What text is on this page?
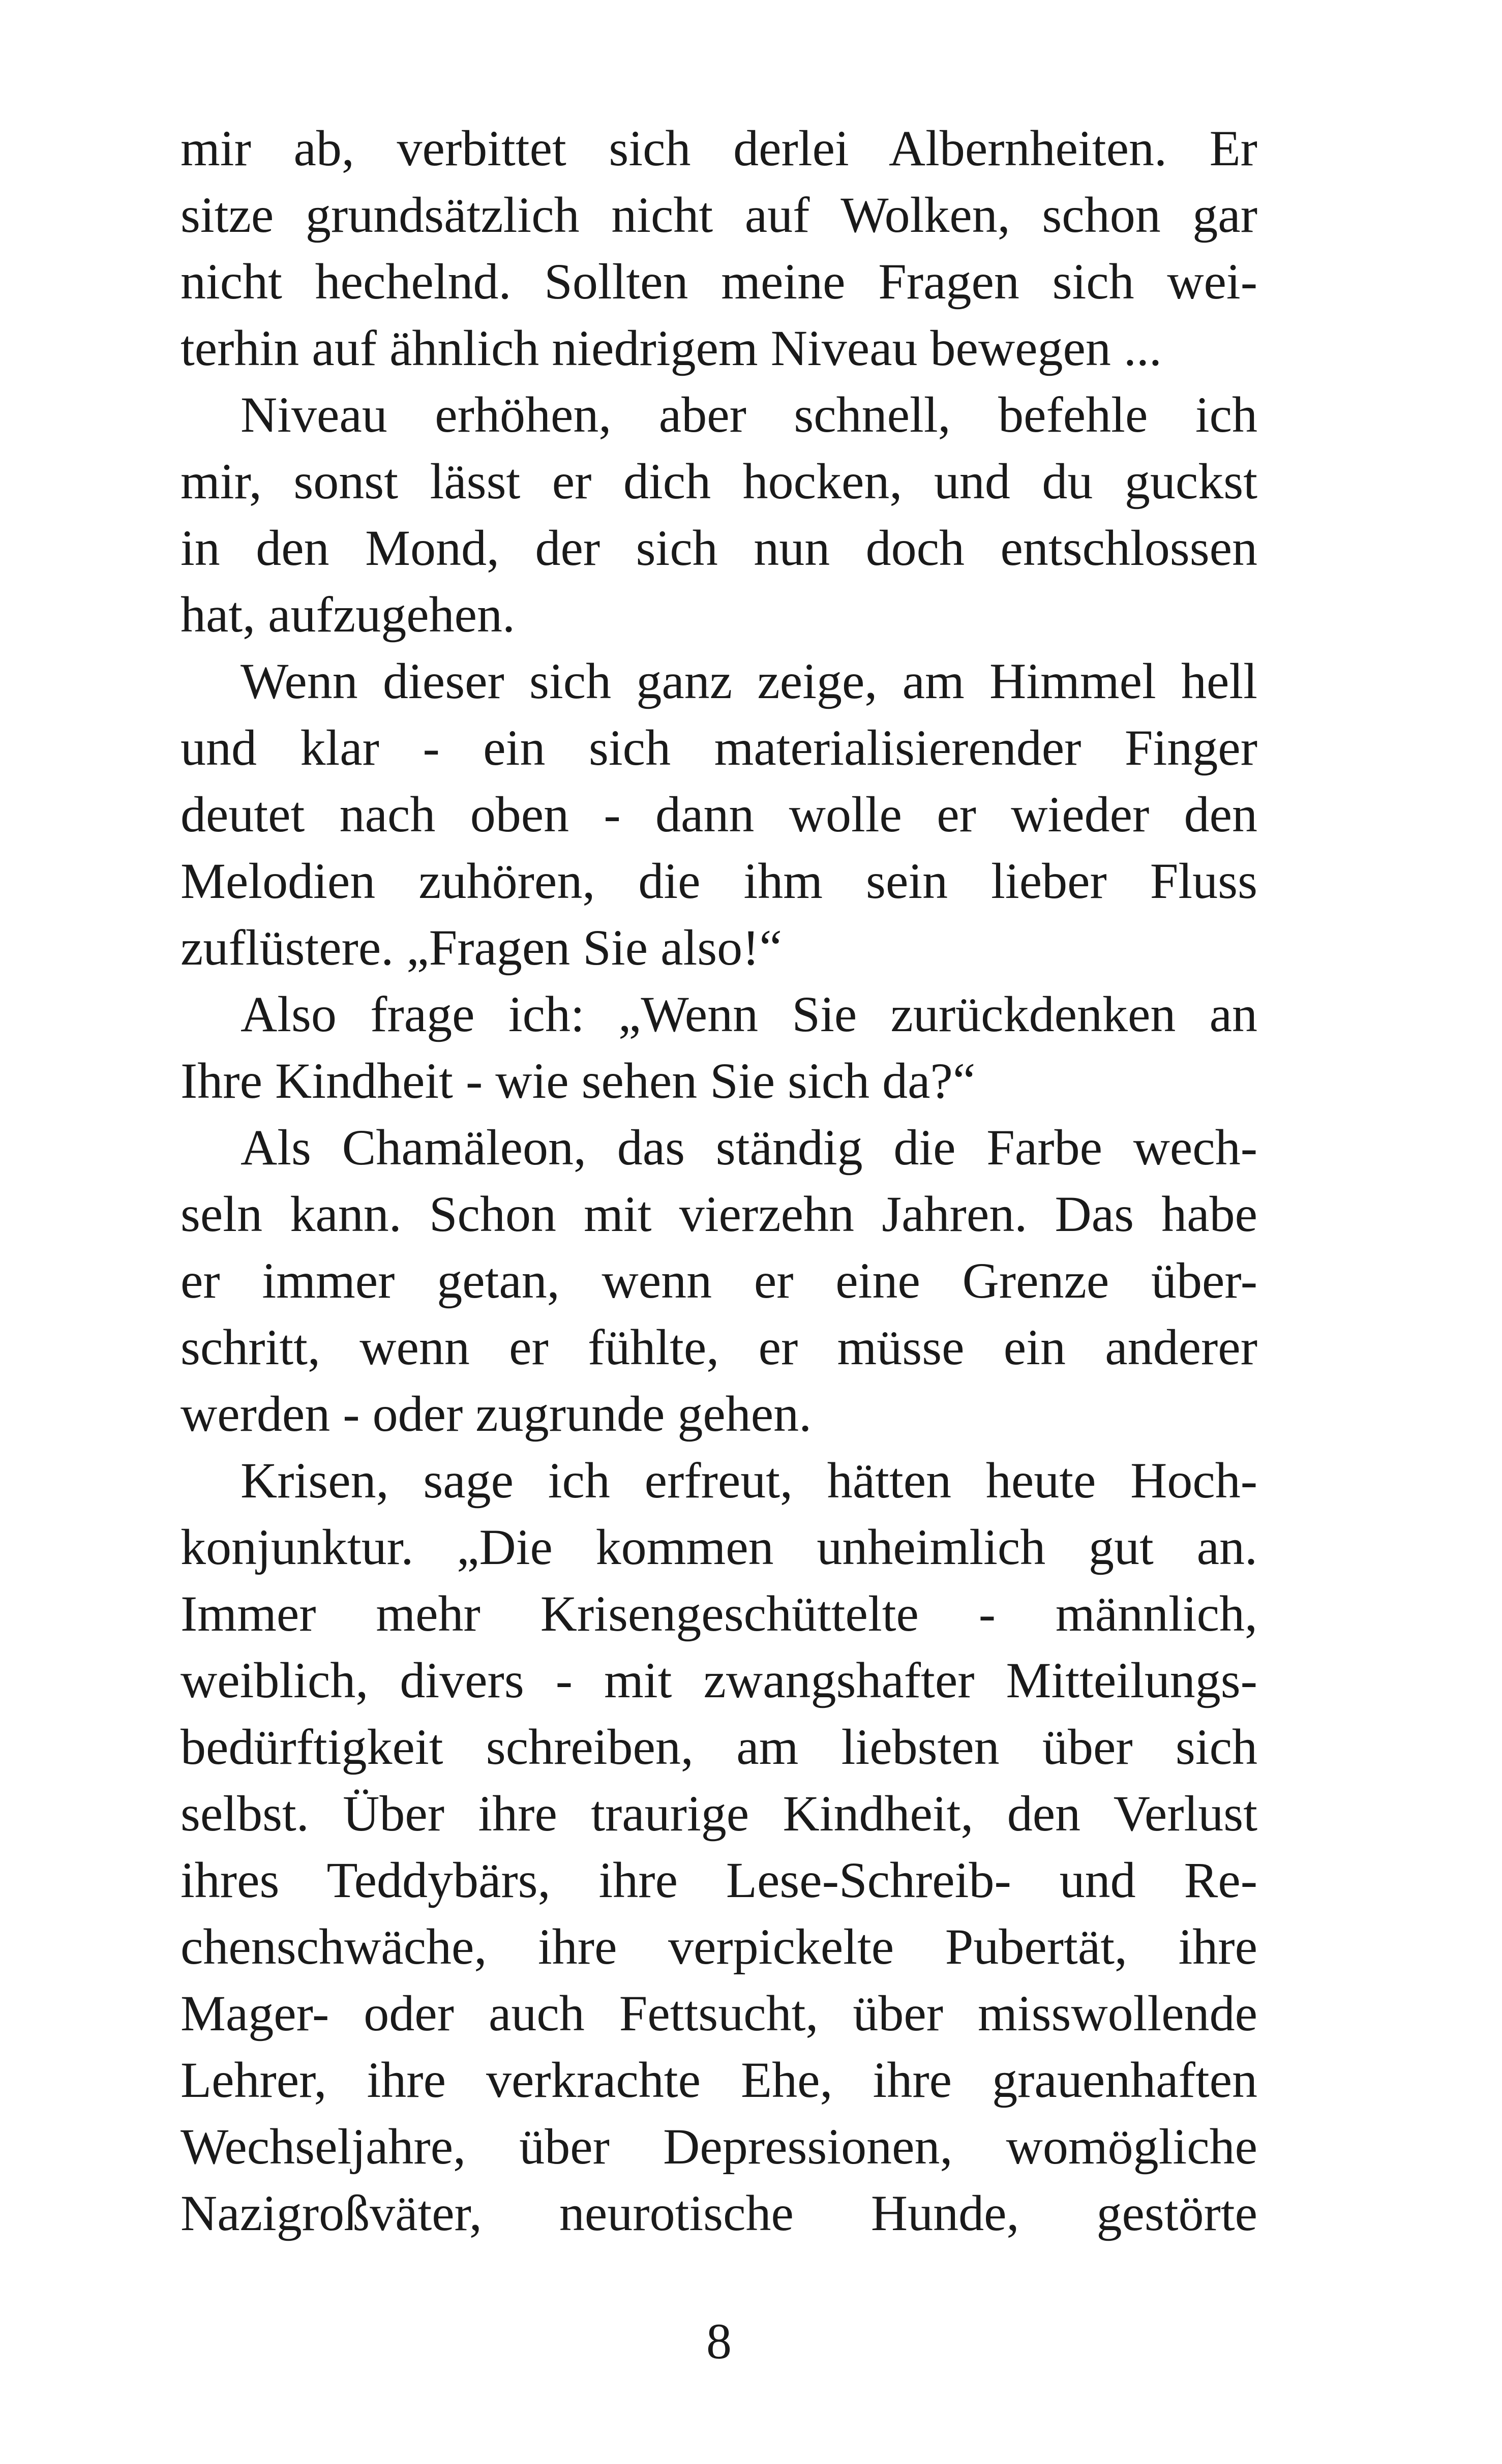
mir ab, verbittet sich derlei Albernheiten. Er
sitze grundsätzlich nicht auf Wolken, schon gar
nicht hechelnd. Sollten meine Fragen sich wei-
terhin auf ähnlich niedrigem Niveau bewegen ...
Niveau erhöhen, aber schnell, befehle ich
mir, sonst lässt er dich hocken, und du guckst
in den Mond, der sich nun doch entschlossen
hat, aufzugehen.
Wenn dieser sich ganz zeige, am Himmel hell
und klar - ein sich materialisierender Finger
deutet nach oben - dann wolle er wieder den
Melodien zuhören, die ihm sein lieber Fluss
zuflüstere. „Fragen Sie also!“
Also frage ich: „Wenn Sie zurückdenken an
Ihre Kindheit - wie sehen Sie sich da?“
Als Chamäleon, das ständig die Farbe wech-
seln kann. Schon mit vierzehn Jahren. Das habe
er immer getan, wenn er eine Grenze über-
schritt, wenn er fühlte, er müsse ein anderer
werden - oder zugrunde gehen.
Krisen, sage ich erfreut, hätten heute Hoch-
konjunktur. „Die kommen unheimlich gut an.
Immer mehr Krisengeschüttelte - männlich,
weiblich, divers - mit zwangshafter Mitteilungs-
bedürftigkeit schreiben, am liebsten über sich
selbst. Über ihre traurige Kindheit, den Verlust
ihres Teddybärs, ihre Lese-Schreib- und Re-
chenschwäche, ihre verpickelte Pubertät, ihre
Mager- oder auch Fettsucht, über misswollende
Lehrer, ihre verkrachte Ehe, ihre grauenhaften
Wechseljahre, über Depressionen, womögliche
Nazigroßväter, neurotische Hunde, gestörte
8
